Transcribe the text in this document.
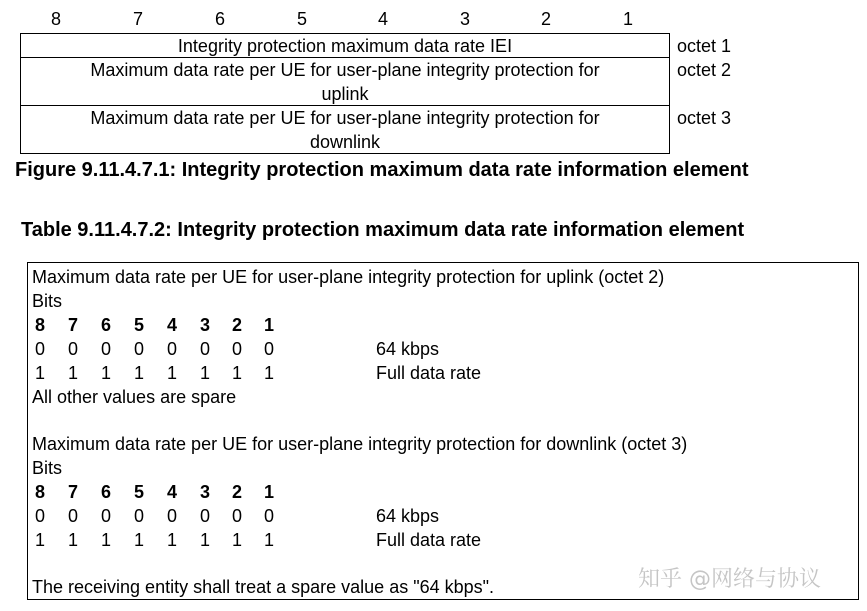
8	7	6	5	4	3	2	1
Integrity protection maximum data rate IEI	octet 1
Maximum data rate per UE for user-plane integrity protection for
uplink
octet 2
Maximum data rate per UE for user-plane integrity protection for
downlink
octet 3
Figure 9.11.4.7.1: Integrity protection maximum data rate information element
Table 9.11.4.7.2: Integrity protection maximum data rate information element
Maximum data rate per UE for user-plane integrity protection for uplink (octet 2)
Bits
8 7 6 5 4 3 2 1
0 0 0 0 0 0 0 0	64 kbps
1 1 1 1 1 1 1 1	Full data rate
All other values are spare
Maximum data rate per UE for user-plane integrity protection for downlink (octet 3)
Bits
8 7 6 5 4 3 2 1
0 0 0 0 0 0 0 0	64 kbps
1 1 1 1 1 1 1 1	Full data rate
The receiving entity shall treat a spare value as "64 kbps".	知乎 @网络与协议
